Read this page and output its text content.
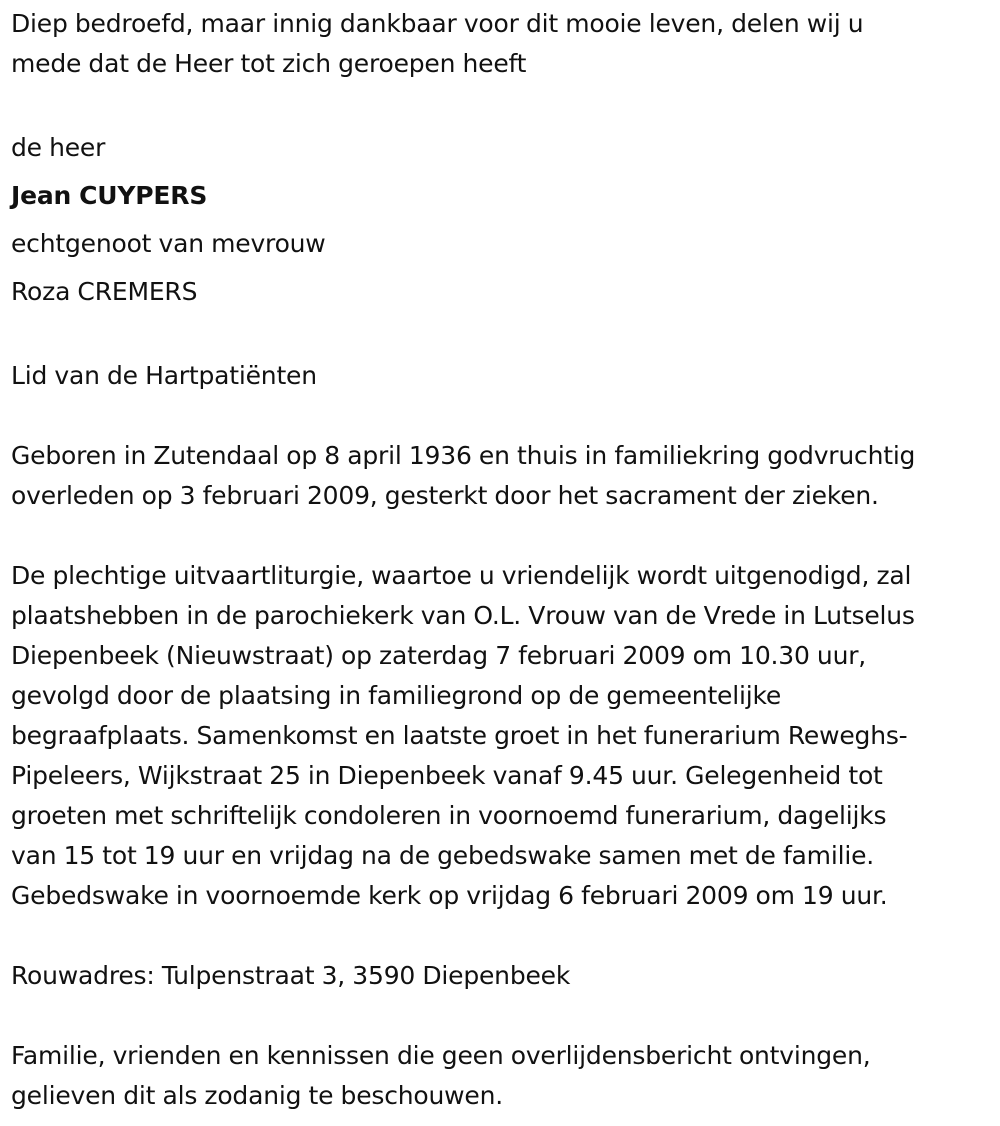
Diep bedroefd, maar innig dankbaar voor dit mooie leven, delen wij u
mede dat de Heer tot zich geroepen heeft
de heer
Jean CUYPERS
echtgenoot van mevrouw
Roza CREMERS
Lid van de Hartpatiënten
Geboren in Zutendaal op 8 april 1936 en thuis in familiekring godvruchtig
overleden op 3 februari 2009, gesterkt door het sacrament der zieken.
De plechtige uitvaartliturgie, waartoe u vriendelijk wordt uitgenodigd, zal
plaatshebben in de parochiekerk van O.L. Vrouw van de Vrede in Lutselus
Diepenbeek (Nieuwstraat) op zaterdag 7 februari 2009 om 10.30 uur,
gevolgd door de plaatsing in familiegrond op de gemeentelijke
begraafplaats. Samenkomst en laatste groet in het funerarium Reweghs-
Pipeleers, Wijkstraat 25 in Diepenbeek vanaf 9.45 uur. Gelegenheid tot
groeten met schriftelijk condoleren in voornoemd funerarium, dagelijks
van 15 tot 19 uur en vrijdag na de gebedswake samen met de familie.
Gebedswake in voornoemde kerk op vrijdag 6 februari 2009 om 19 uur.
Rouwadres: Tulpenstraat 3, 3590 Diepenbeek
Familie, vrienden en kennissen die geen overlijdensbericht ontvingen,
gelieven dit als zodanig te beschouwen.
